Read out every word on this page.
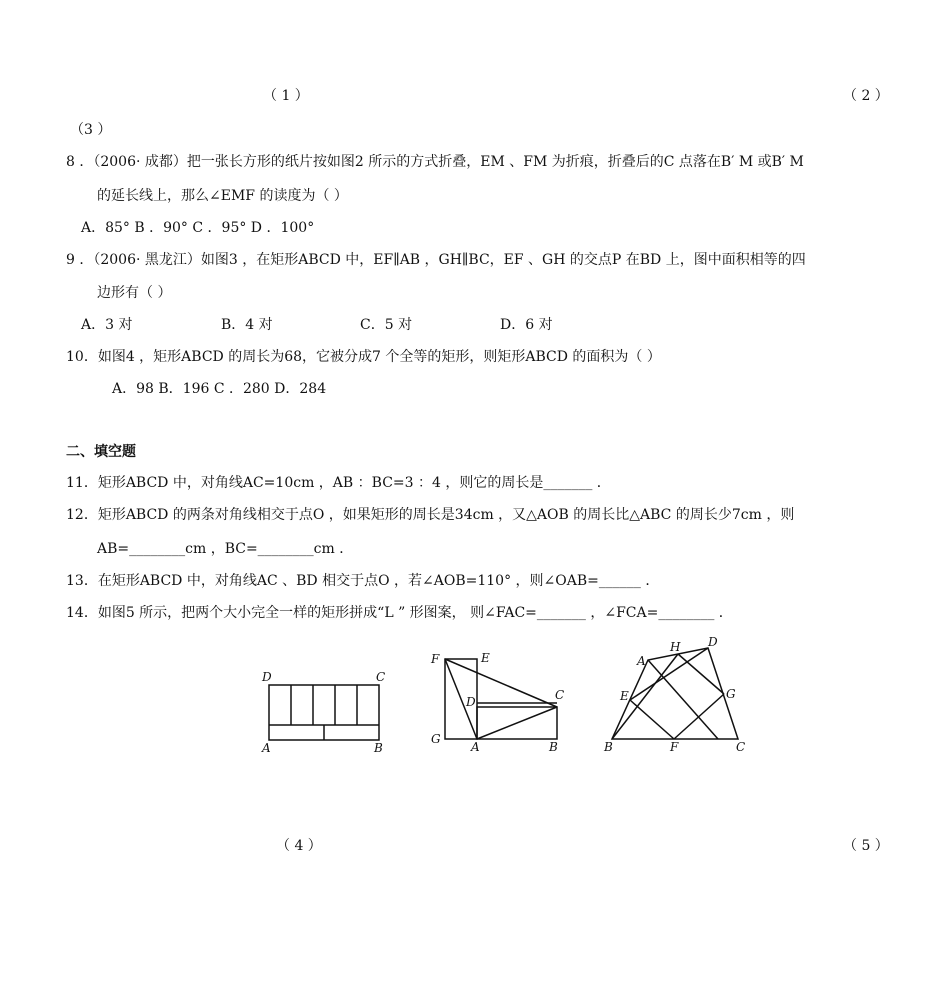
（ 1 ）	（ 2 ）
（3 ）
8 ．（2006· 成都）把一张长方形的纸片按如图2 所示的方式折叠，EM 、FM 为折痕，折叠后的C 点落在B′ M 或B′ M
的延长线上，那么∠EMF 的读度为（ ）
A．85° B ．90° C ．95° D ．100°
9 ．（2006· 黑龙江）如图3 ，在矩形ABCD 中，EF∥AB ，GH∥BC，EF 、GH 的交点P 在BD 上，图中面积相等的四
边形有（ ）
A．3 对	B．4 对	C．5 对	D．6 对
10．如图4 ，矩形ABCD 的周长为68，它被分成7 个全等的矩形，则矩形ABCD 的面积为（ ）
A．98 B．196 C ．280 D．284
二、填空题
11．矩形ABCD 中，对角线AC=10cm ，AB ：BC=3 ：4 ，则它的周长是_______ ．
12．矩形ABCD 的两条对角线相交于点O ，如果矩形的周长是34cm ，又△AOB 的周长比△ABC 的周长少7cm ，则
AB=________cm ，BC=________cm ．
13．在矩形ABCD 中，对角线AC 、BD 相交于点O ，若∠AOB=110° ，则∠OAB=______ ．
14．如图5 所示，把两个大小完全一样的矩形拼成“L ” 形图案， 则∠FAC=_______ ，∠FCA=________ ．
D	C
A	B
F	E
D	C
G
A	B
A
H D
E	G
B	F	C
（ 4 ）	（ 5 ）
